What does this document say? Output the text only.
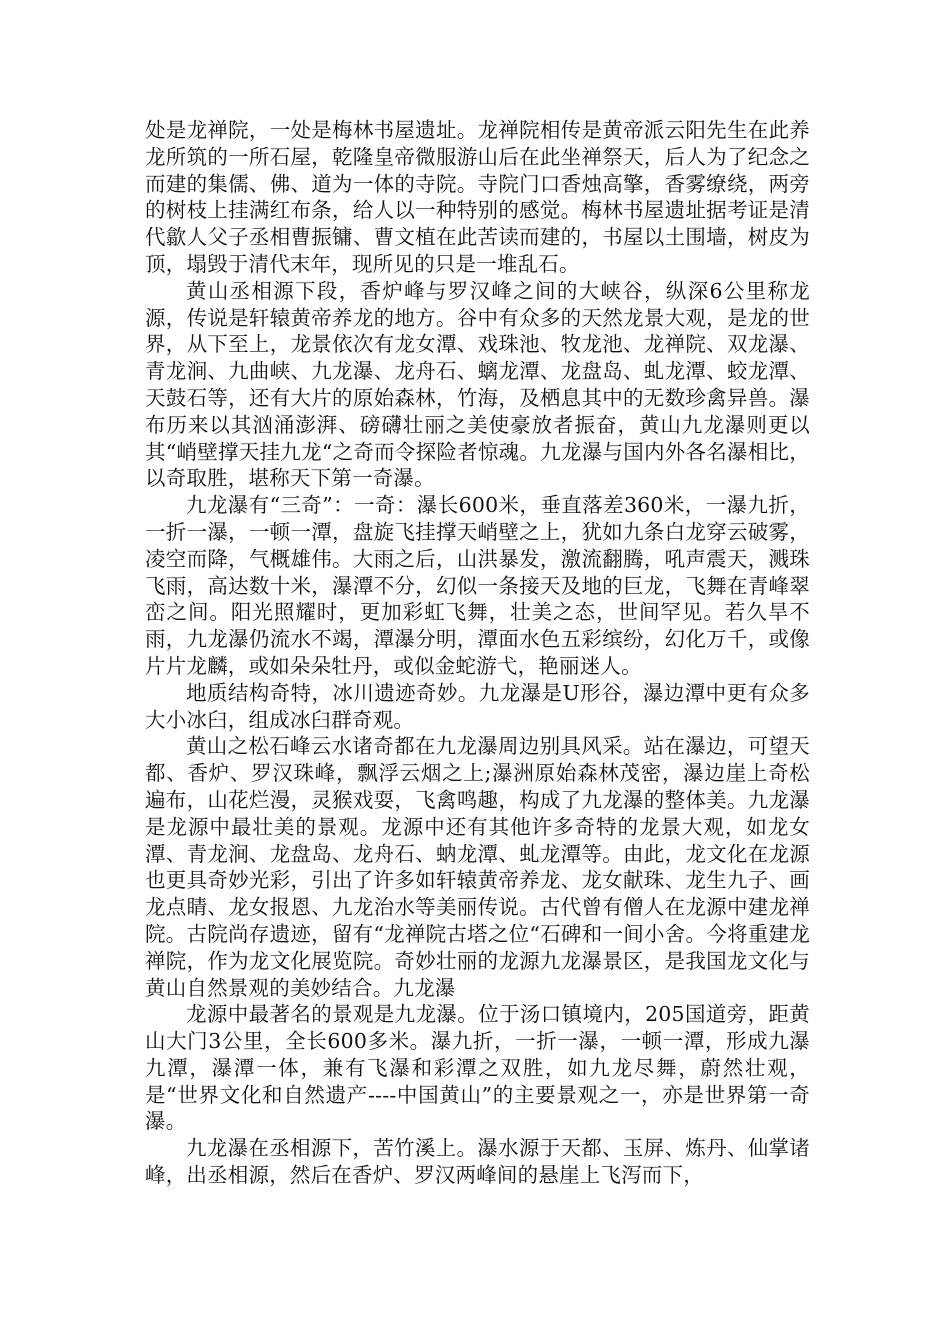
处是龙禅院，一处是梅林书屋遗址。龙禅院相传是黄帝派云阳先生在此养龙所筑的一所石屋，乾隆皇帝微服游山后在此坐禅祭天，后人为了纪念之而建的集儒、佛、道为一体的寺院。寺院门口香烛高擎，香雾缭绕，两旁的树枝上挂满红布条，给人以一种特别的感觉。梅林书屋遗址据考证是清代歙人父子丞相曹振镛、曹文植在此苦读而建的，书屋以土围墙，树皮为顶，塌毁于清代末年，现所见的只是一堆乱石。

黄山丞相源下段，香炉峰与罗汉峰之间的大峡谷，纵深6公里称龙源，传说是轩辕黄帝养龙的地方。谷中有众多的天然龙景大观，是龙的世界，从下至上，龙景依次有龙女潭、戏珠池、牧龙池、龙禅院、双龙瀑、青龙涧、九曲峡、九龙瀑、龙舟石、螭龙潭、龙盘岛、虬龙潭、蛟龙潭、天鼓石等，还有大片的原始森林，竹海，及栖息其中的无数珍禽异兽。瀑布历来以其汹涌澎湃、磅礴壮丽之美使豪放者振奋，黄山九龙瀑则更以其“峭壁撑天挂九龙“之奇而令探险者惊魂。九龙瀑与国内外各名瀑相比，以奇取胜，堪称天下第一奇瀑。

九龙瀑有“三奇”：一奇：瀑长600米，垂直落差360米，一瀑九折，一折一瀑，一顿一潭，盘旋飞挂撑天峭壁之上，犹如九条白龙穿云破雾，凌空而降，气概雄伟。大雨之后，山洪暴发，激流翻腾，吼声震天，溅珠飞雨，高达数十米，瀑潭不分，幻似一条接天及地的巨龙，飞舞在青峰翠峦之间。阳光照耀时，更加彩虹飞舞，壮美之态，世间罕见。若久旱不雨，九龙瀑仍流水不竭，潭瀑分明，潭面水色五彩缤纷，幻化万千，或像片片龙麟，或如朵朵牡丹，或似金蛇游弋，艳丽迷人。

地质结构奇特，冰川遗迹奇妙。九龙瀑是U形谷，瀑边潭中更有众多大小冰臼，组成冰臼群奇观。

黄山之松石峰云水诸奇都在九龙瀑周边别具风采。站在瀑边，可望天都、香炉、罗汉珠峰，飘浮云烟之上;瀑洲原始森林茂密，瀑边崖上奇松遍布，山花烂漫，灵猴戏耍，飞禽鸣趣，构成了九龙瀑的整体美。九龙瀑是龙源中最壮美的景观。龙源中还有其他许多奇特的龙景大观，如龙女潭、青龙涧、龙盘岛、龙舟石、蚋龙潭、虬龙潭等。由此，龙文化在龙源也更具奇妙光彩，引出了许多如轩辕黄帝养龙、龙女献珠、龙生九子、画龙点睛、龙女报恩、九龙治水等美丽传说。古代曾有僧人在龙源中建龙禅院。古院尚存遗迹，留有“龙禅院古塔之位“石碑和一间小舍。今将重建龙禅院，作为龙文化展览院。奇妙壮丽的龙源九龙瀑景区，是我国龙文化与黄山自然景观的美妙结合。九龙瀑

龙源中最著名的景观是九龙瀑。位于汤口镇境内，205国道旁，距黄山大门3公里，全长600多米。瀑九折，一折一瀑，一顿一潭，形成九瀑九潭，瀑潭一体，兼有飞瀑和彩潭之双胜，如九龙尽舞，蔚然壮观，是“世界文化和自然遗产----中国黄山”的主要景观之一，亦是世界第一奇瀑。

九龙瀑在丞相源下，苦竹溪上。瀑水源于天都、玉屏、炼丹、仙掌诸峰，出丞相源，然后在香炉、罗汉两峰间的悬崖上飞泻而下，
